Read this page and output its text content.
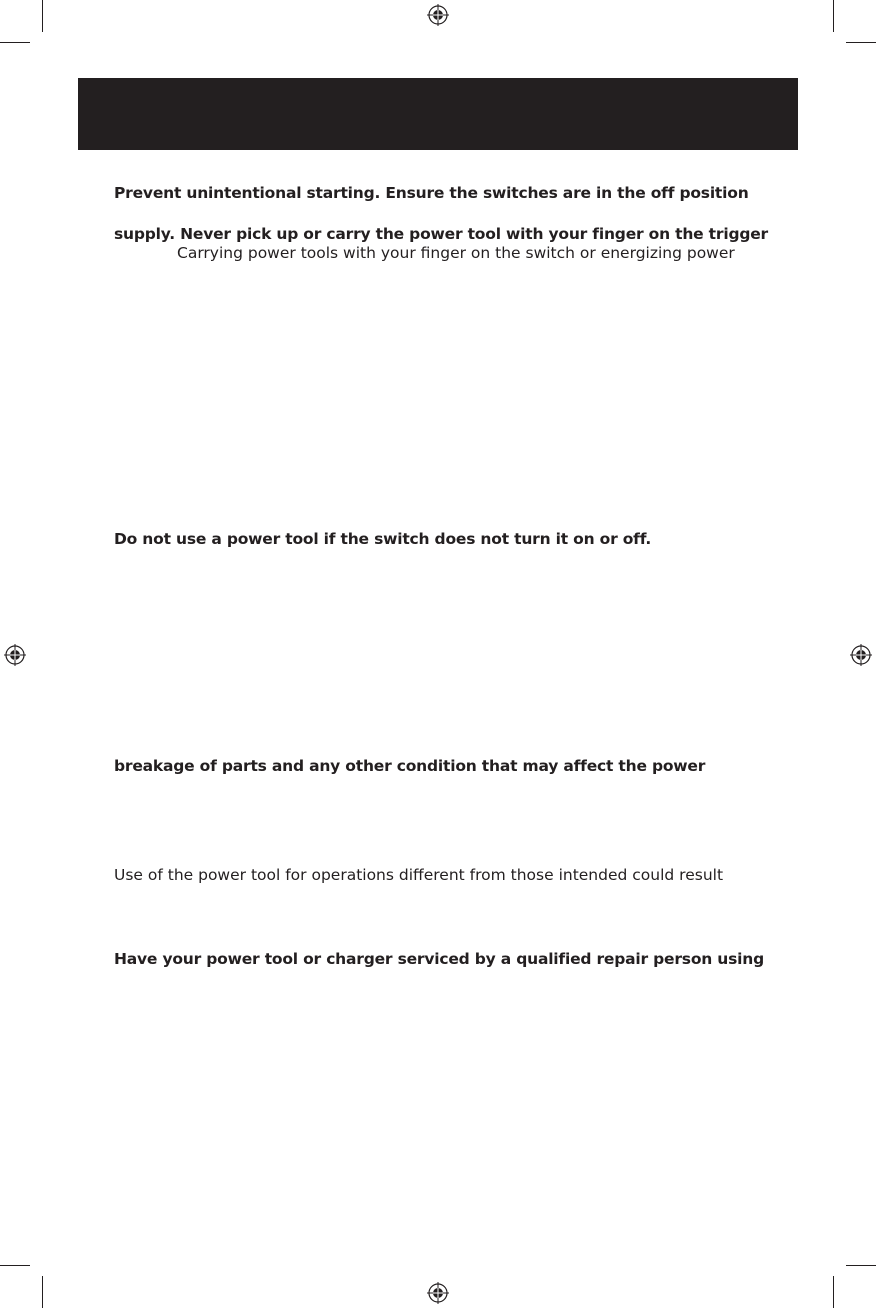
Prevent unintentional starting. Ensure the switches are in the off position
supply. Never pick up or carry the power tool with your finger on the trigger
Carrying power tools with your finger on the switch or energizing power
Do not use a power tool if the switch does not turn it on or off.
breakage of parts and any other condition that may affect the power
Use of the power tool for operations different from those intended could result
Have your power tool or charger serviced by a qualified repair person using
